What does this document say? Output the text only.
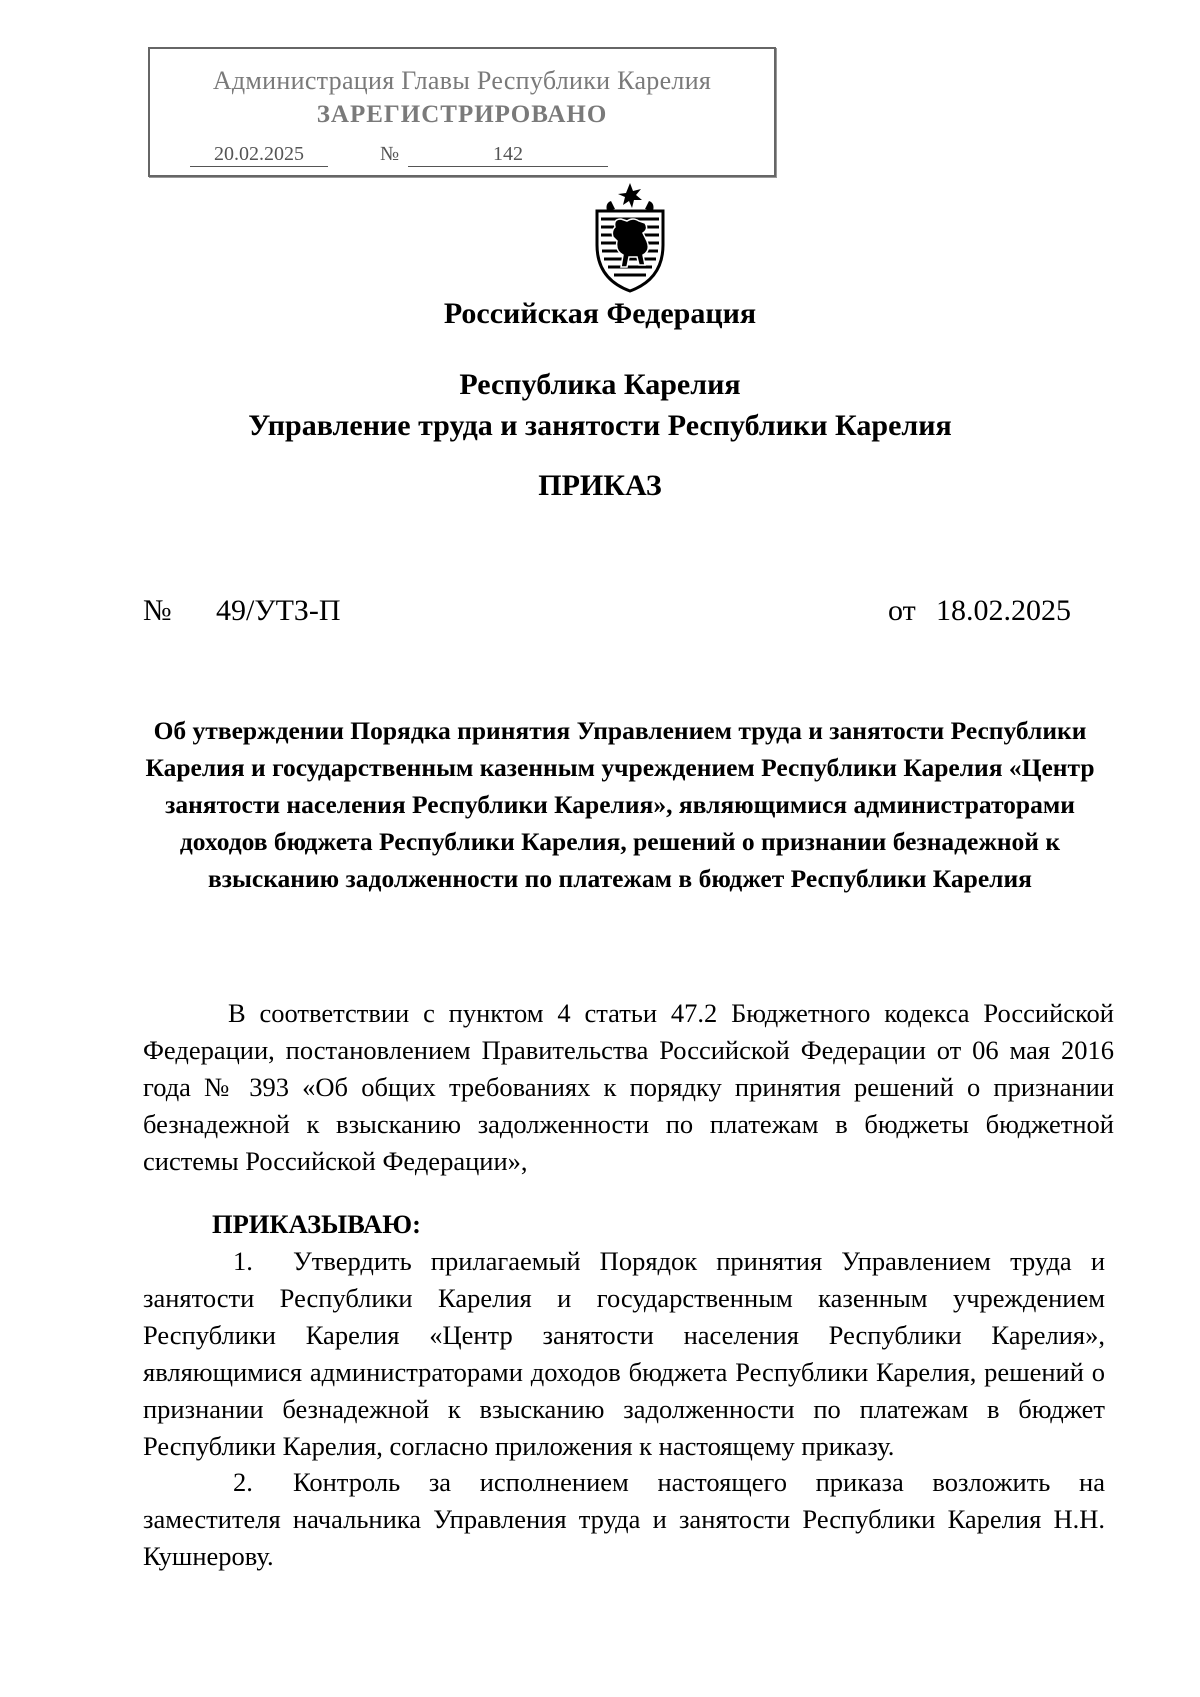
Администрация Главы Республики Карелия
ЗАРЕГИСТРИРОВАНО
20.02.2025	№	142
Российская Федерация
Республика Карелия
Управление труда и занятости Республики Карелия
ПРИКАЗ
№ 49/УТЗ-П	от 18.02.2025
Об утверждении Порядка принятия Управлением труда и занятости Республики Карелия и государственным казенным учреждением Республики Карелия «Центр занятости населения Республики Карелия», являющимися администраторами доходов бюджета Республики Карелия, решений о признании безнадежной к взысканию задолженности по платежам в бюджет Республики Карелия
В соответствии с пунктом 4 статьи 47.2 Бюджетного кодекса Российской Федерации, постановлением Правительства Российской Федерации от 06 мая 2016 года № 393 «Об общих требованиях к порядку принятия решений о признании безнадежной к взысканию задолженности по платежам в бюджеты бюджетной системы Российской Федерации»,
ПРИКАЗЫВАЮ:
1. Утвердить прилагаемый Порядок принятия Управлением труда и занятости Республики Карелия и государственным казенным учреждением Республики Карелия «Центр занятости населения Республики Карелия», являющимися администраторами доходов бюджета Республики Карелия, решений о признании безнадежной к взысканию задолженности по платежам в бюджет Республики Карелия, согласно приложения к настоящему приказу.
2. Контроль за исполнением настоящего приказа возложить на заместителя начальника Управления труда и занятости Республики Карелия Н.Н. Кушнерову.
